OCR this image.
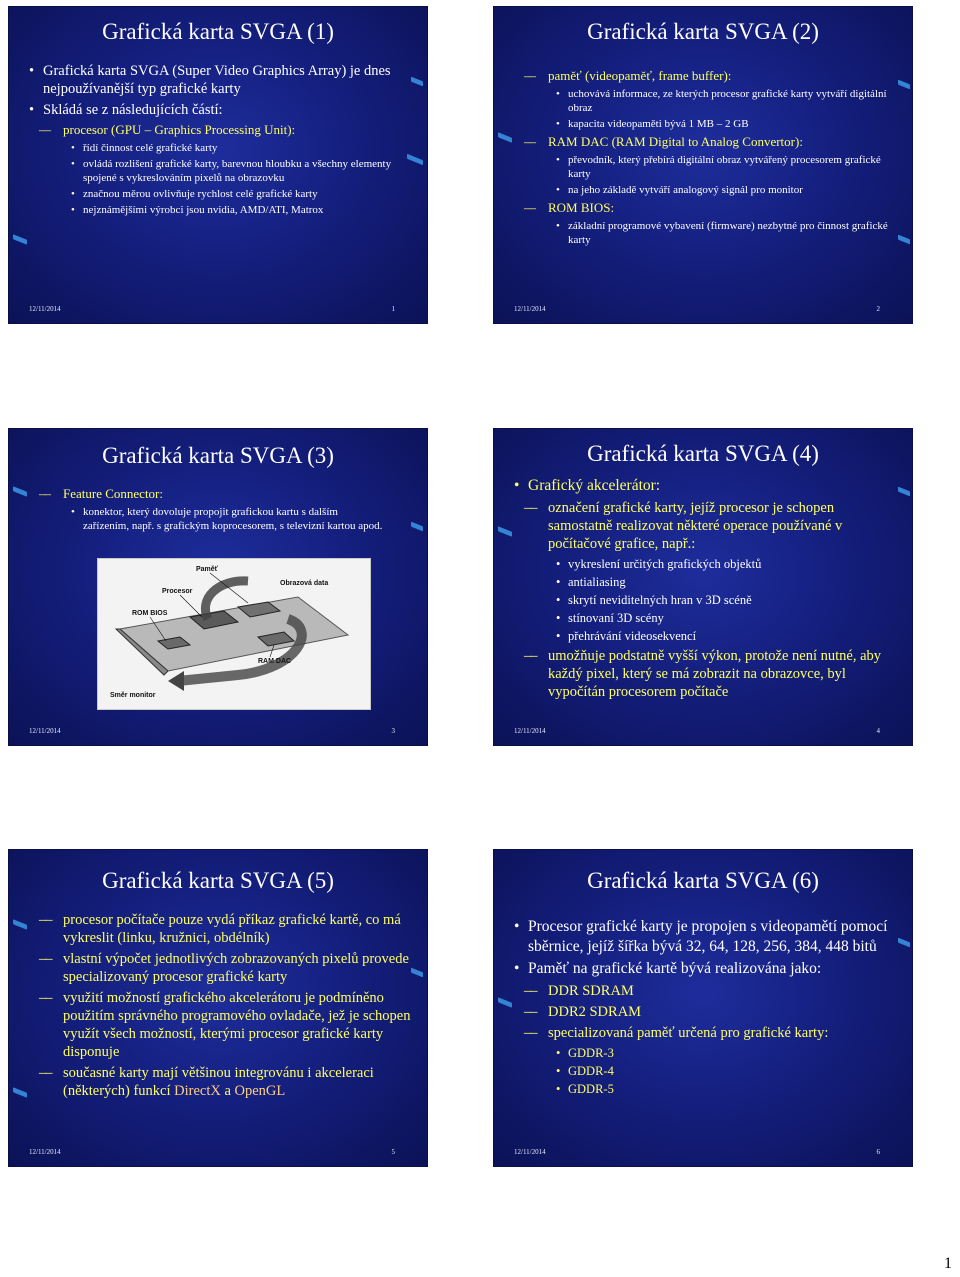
Grafická karta SVGA (1)
• Grafická karta SVGA (Super Video Graphics Array) je dnes nejpoužívanější typ grafické karty
• Skládá se z následujících částí:
–– procesor (GPU – Graphics Processing Unit):
• řídí činnost celé grafické karty
• ovládá rozlišení grafické karty, barevnou hloubku a všechny elementy spojené s vykreslováním pixelů na obrazovku
• značnou měrou ovlivňuje rychlost celé grafické karty
• nejznámějšími výrobci jsou nvidia, AMD/ATI, Matrox
12/11/2014	1
Grafická karta SVGA (2)
–– paměť (videopaměť, frame buffer):
• uchovává informace, ze kterých procesor grafické karty vytváří digitální obraz
• kapacita videopaměti bývá 1 MB – 2 GB
–– RAM DAC (RAM Digital to Analog Convertor):
• převodník, který přebírá digitální obraz vytvářený procesorem grafické karty
• na jeho základě vytváří analogový signál pro monitor
–– ROM BIOS:
• základní programové vybavení (firmware) nezbytné pro činnost grafické karty
12/11/2014	2
Grafická karta SVGA (3)
–– Feature Connector:
• konektor, který dovoluje propojit grafickou kartu s dalším zařízením, např. s grafickým koprocesorem, s televizní kartou apod.
Paměť
Obrazová data
Procesor
ROM BIOS
RAM DAC
Směr monitor
12/11/2014	3
Grafická karta SVGA (4)
• Grafický akcelerátor:
–– označení grafické karty, jejíž procesor je schopen samostatně realizovat některé operace používané v počítačové grafice, např.:
• vykreslení určitých grafických objektů
• antialiasing
• skrytí neviditelných hran v 3D scéně
• stínovaní 3D scény
• přehrávání videosekvencí
–– umožňuje podstatně vyšší výkon, protože není nutné, aby každý pixel, který se má zobrazit na obrazovce, byl vypočítán procesorem počítače
12/11/2014	4
Grafická karta SVGA (5)
–– procesor počítače pouze vydá příkaz grafické kartě, co má vykreslit (linku, kružnici, obdélník)
–– vlastní výpočet jednotlivých zobrazovaných pixelů provede specializovaný procesor grafické karty
–– využití možností grafického akcelerátoru je podmíněno použitím správného programového ovladače, jež je schopen využít všech možností, kterými procesor grafické karty disponuje
–– současné karty mají většinou integrovánu i akceleraci (některých) funkcí DirectX a OpenGL
12/11/2014	5
Grafická karta SVGA (6)
• Procesor grafické karty je propojen s videopamětí pomocí sběrnice, jejíž šířka bývá 32, 64, 128, 256, 384, 448 bitů
• Paměť na grafické kartě bývá realizována jako:
–– DDR SDRAM
–– DDR2 SDRAM
–– specializovaná paměť určená pro grafické karty:
• GDDR-3
• GDDR-4
• GDDR-5
12/11/2014	6
1
